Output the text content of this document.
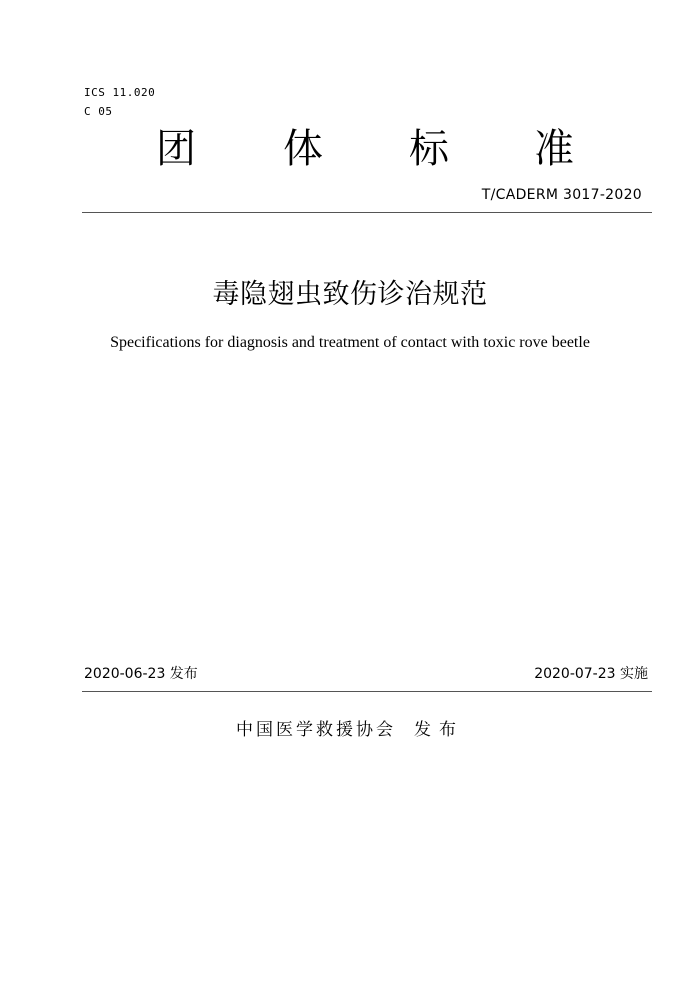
ICS 11.020
C 05
团 体 标 准
T/CADERM 3017-2020
毒隐翅虫致伤诊治规范
Specifications for diagnosis and treatment of contact with toxic rove beetle
2020-06-23 发布	2020-07-23 实施
中国医学救援协会 发布
